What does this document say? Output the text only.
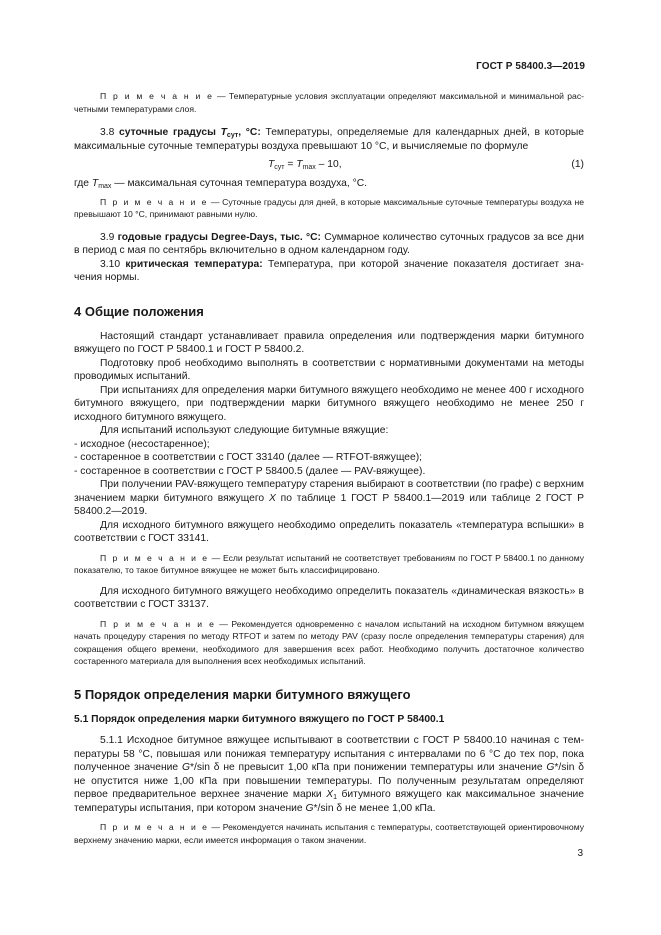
ГОСТ Р 58400.3—2019

П р и м е ч а н и е — Температурные условия эксплуатации определяют максимальной и минимальной расчетными температурами слоя.

3.8 суточные градусы $T_{сут}$, °С: Температуры, определяемые для календарных дней, в которые максимальные суточные температуры воздуха превышают 10 °С, и вычисляемые по формуле

$T_{сут} = T_{max} - 10$,	(1)

где $T_{max}$ — максимальная суточная температура воздуха, °С.

П р и м е ч а н и е — Суточные градусы для дней, в которые максимальные суточные температуры воздуха не превышают 10 °С, принимают равными нулю.

3.9 годовые градусы Degree-Days, тыс. °С: Суммарное количество суточных градусов за все дни в период с мая по сентябрь включительно в одном календарном году.

3.10 критическая температура: Температура, при которой значение показателя достигает значения нормы.

4 Общие положения

Настоящий стандарт устанавливает правила определения или подтверждения марки битумного вяжущего по ГОСТ Р 58400.1 и ГОСТ Р 58400.2.

Подготовку проб необходимо выполнять в соответствии с нормативными документами на методы проводимых испытаний.

При испытаниях для определения марки битумного вяжущего необходимо не менее 400 г исходного битумного вяжущего, при подтверждении марки битумного вяжущего необходимо не менее 250 г исходного битумного вяжущего.

Для испытаний используют следующие битумные вяжущие:

- исходное (несостаренное);

- состаренное в соответствии с ГОСТ 33140 (далее — RTFOT-вяжущее);

- состаренное в соответствии с ГОСТ Р 58400.5 (далее — PAV-вяжущее).

При получении PAV-вяжущего температуру старения выбирают в соответствии (по графе) с верхним значением марки битумного вяжущего X по таблице 1 ГОСТ Р 58400.1—2019 или таблице 2 ГОСТ Р 58400.2—2019.

Для исходного битумного вяжущего необходимо определить показатель «температура вспышки» в соответствии с ГОСТ 33141.

П р и м е ч а н и е — Если результат испытаний не соответствует требованиям по ГОСТ Р 58400.1 по данному показателю, то такое битумное вяжущее не может быть классифицировано.

Для исходного битумного вяжущего необходимо определить показатель «динамическая вязкость» в соответствии с ГОСТ 33137.

П р и м е ч а н и е — Рекомендуется одновременно с началом испытаний на исходном битумном вяжущем начать процедуру старения по методу RTFOT и затем по методу PAV (сразу после определения температуры старения) для сокращения общего времени, необходимого для завершения всех работ. Необходимо получить достаточное количество состаренного материала для выполнения всех необходимых испытаний.

5 Порядок определения марки битумного вяжущего
5.1 Порядок определения марки битумного вяжущего по ГОСТ Р 58400.1

5.1.1 Исходное битумное вяжущее испытывают в соответствии с ГОСТ Р 58400.10 начиная с температуры 58 °С, повышая или понижая температуру испытания с интервалами по 6 °С до тех пор, пока полученное значение G*/sin δ не превысит 1,00 кПа при понижении температуры или значение G*/sin δ не опустится ниже 1,00 кПа при повышении температуры. По полученным результатам определяют первое предварительное верхнее значение марки $X_1$ битумного вяжущего как максимальное значение температуры испытания, при котором значение G*/sin δ не менее 1,00 кПа.

П р и м е ч а н и е — Рекомендуется начинать испытания с температуры, соответствующей ориентировочному верхнему значению марки, если имеется информация о таком значении.

3
